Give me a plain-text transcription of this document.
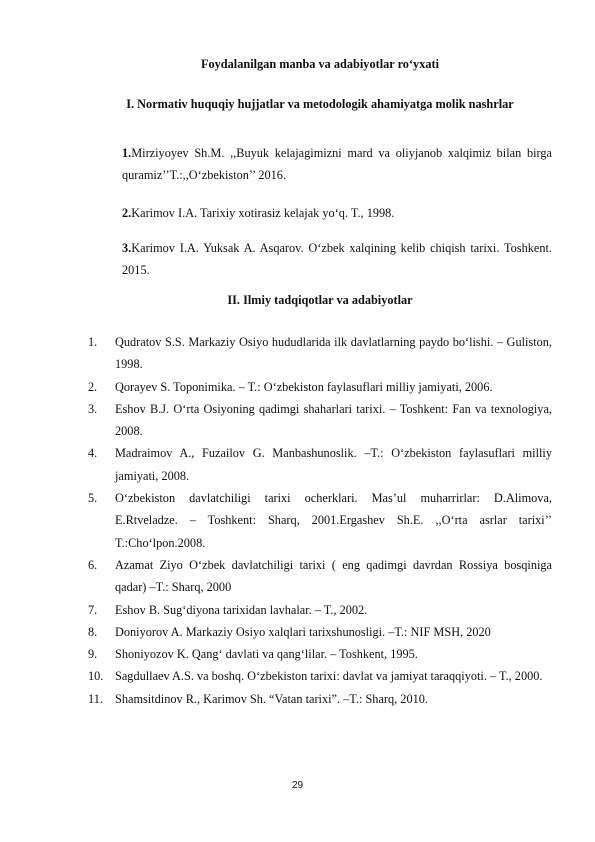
Foydalanilgan manba va adabiyotlar ro‘yxati
I. Normativ huquqiy hujjatlar va metodologik ahamiyatga molik nashrlar
1.Mirziyoyev Sh.M. ,,Buyuk kelajagimizni mard va oliyjanob xalqimiz bilan birga quramiz’’T.:,,O‘zbekiston’’ 2016.
2.Karimov I.A. Tarixiy xotirasiz kelajak yo‘q. T., 1998.
3.Karimov I.A. Yuksak A. Asqarov. O‘zbek xalqining kelib chiqish tarixi. Toshkent. 2015.
II. Ilmiy tadqiqotlar va adabiyotlar
1. Qudratov S.S. Markaziy Osiyo hududlarida ilk davlatlarning paydo bo‘lishi. – Guliston, 1998.
2. Qorayev S. Toponimika. – T.: O‘zbekiston faylasuflari milliy jamiyati, 2006.
3. Eshov B.J. O‘rta Osiyoning qadimgi shaharlari tarixi. – Toshkent: Fan va texnologiya, 2008.
4. Madraimov A., Fuzailov G. Manbashunoslik. –T.: O‘zbekiston faylasuflari milliy jamiyati, 2008.
5. O‘zbekiston davlatchiligi tarixi ocherklari. Mas’ul muharrirlar: D.Alimova, E.Rtveladze. – Toshkent: Sharq, 2001.Ergashev Sh.E. ,,O‘rta asrlar tarixi’’ T.:Cho‘lpon.2008.
6. Azamat Ziyo O‘zbek davlatchiligi tarixi ( eng qadimgi davrdan Rossiya bosqiniga qadar) –T.: Sharq, 2000
7. Eshov B. Sug‘diyona tarixidan lavhalar. – T., 2002.
8. Doniyorov A. Markaziy Osiyo xalqlari tarixshunosligi. –T.: NIF MSH, 2020
9. Shoniyozov K. Qang‘ davlati va qang‘lilar. – Toshkent, 1995.
10. Sagdullaev A.S. va boshq. O‘zbekiston tarixi: davlat va jamiyat taraqqiyoti. – T., 2000.
11. Shamsitdinov R., Karimov Sh. “Vatan tarixi”. –T.: Sharq, 2010.
29
